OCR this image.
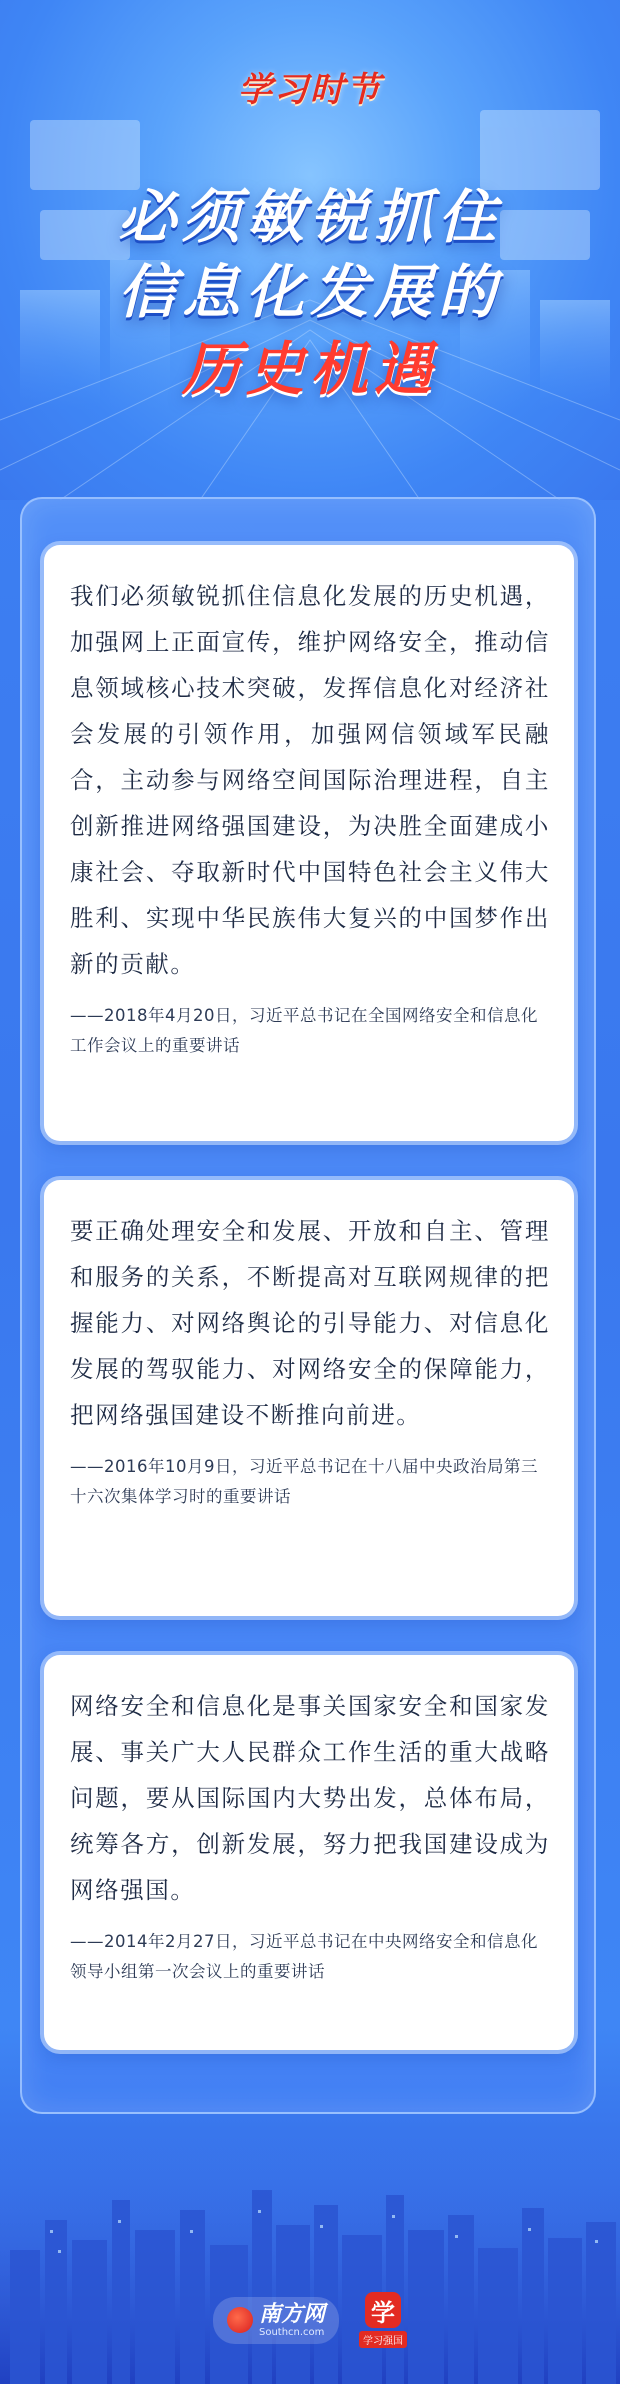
学习时节
必须敏锐抓住
信息化发展的
历史机遇

我们必须敏锐抓住信息化发展的历史机遇，加强网上正面宣传，维护网络安全，推动信息领域核心技术突破，发挥信息化对经济社会发展的引领作用，加强网信领域军民融合，主动参与网络空间国际治理进程，自主创新推进网络强国建设，为决胜全面建成小康社会、夺取新时代中国特色社会主义伟大胜利、实现中华民族伟大复兴的中国梦作出新的贡献。

——2018年4月20日，习近平总书记在全国网络安全和信息化工作会议上的重要讲话

要正确处理安全和发展、开放和自主、管理和服务的关系，不断提高对互联网规律的把握能力、对网络舆论的引导能力、对信息化发展的驾驭能力、对网络安全的保障能力，把网络强国建设不断推向前进。

——2016年10月9日，习近平总书记在十八届中央政治局第三十六次集体学习时的重要讲话

网络安全和信息化是事关国家安全和国家发展、事关广大人民群众工作生活的重大战略问题，要从国际国内大势出发，总体布局，统筹各方，创新发展，努力把我国建设成为网络强国。

——2014年2月27日，习近平总书记在中央网络安全和信息化领导小组第一次会议上的重要讲话

南方网
Southcn.com
学
学习强国
